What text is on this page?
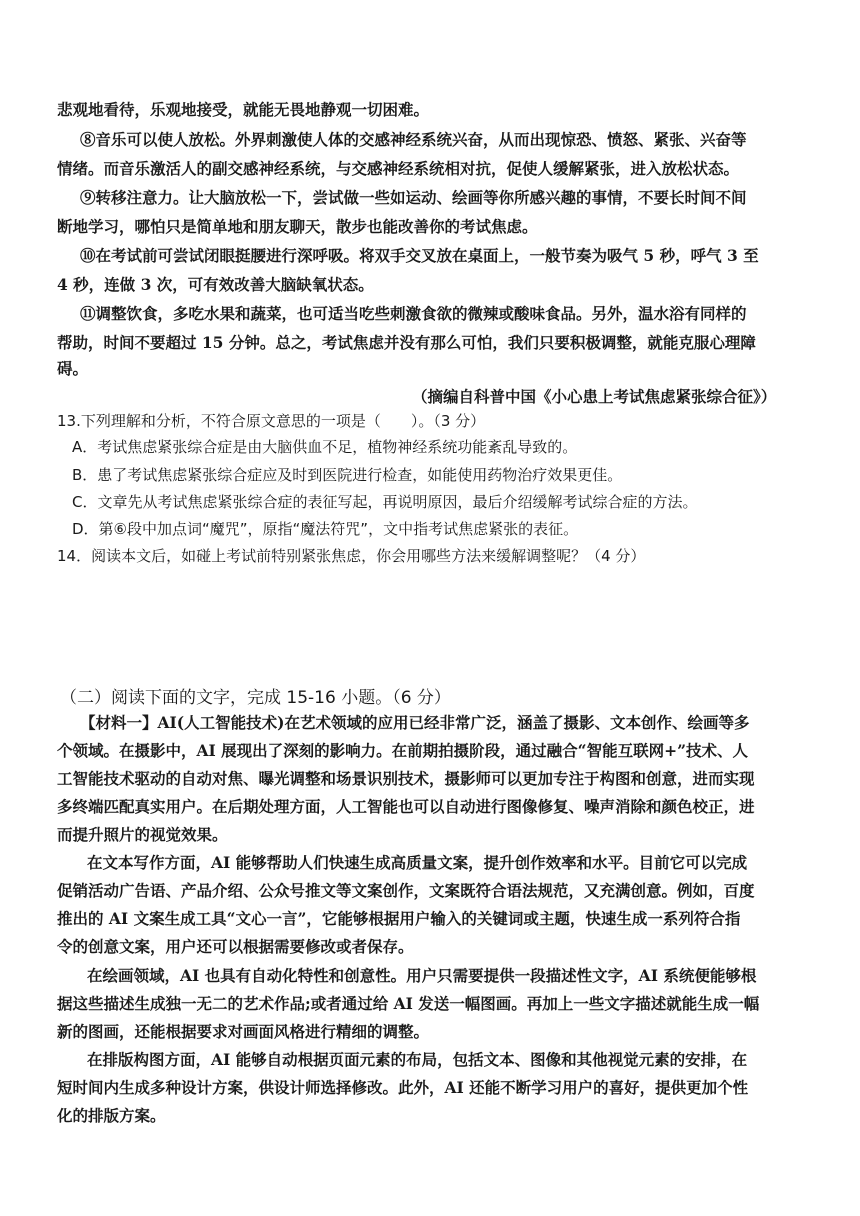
悲观地看待，乐观地接受，就能无畏地静观一切困难。
⑧音乐可以使人放松。外界刺激使人体的交感神经系统兴奋，从而出现惊恐、愤怒、紧张、兴奋等
情绪。而音乐激活人的副交感神经系统，与交感神经系统相对抗，促使人缓解紧张，进入放松状态。
⑨转移注意力。让大脑放松一下，尝试做一些如运动、绘画等你所感兴趣的事情，不要长时间不间
断地学习，哪怕只是简单地和朋友聊天，散步也能改善你的考试焦虑。
⑩在考试前可尝试闭眼挺腰进行深呼吸。将双手交叉放在桌面上，一般节奏为吸气 5 秒，呼气 3 至
4 秒，连做 3 次，可有效改善大脑缺氧状态。
⑪调整饮食，多吃水果和蔬菜，也可适当吃些刺激食欲的微辣或酸味食品。另外，温水浴有同样的
帮助，时间不要超过 15 分钟。总之，考试焦虑并没有那么可怕，我们只要积极调整，就能克服心理障
碍。
（摘编自科普中国《小心患上考试焦虑紧张综合征》）
13.下列理解和分析，不符合原文意思的一项是（　　）。（3 分）
A．考试焦虑紧张综合症是由大脑供血不足，植物神经系统功能紊乱导致的。
B．患了考试焦虑紧张综合症应及时到医院进行检查，如能使用药物治疗效果更佳。
C．文章先从考试焦虑紧张综合症的表征写起，再说明原因，最后介绍缓解考试综合症的方法。
D．第⑥段中加点词“魔咒”，原指“魔法符咒”，文中指考试焦虑紧张的表征。
14．阅读本文后，如碰上考试前特别紧张焦虑，你会用哪些方法来缓解调整呢？（4 分）
（二）阅读下面的文字，完成 15-16 小题。（6 分）
【材料一】AI(人工智能技术)在艺术领域的应用已经非常广泛，涵盖了摄影、文本创作、绘画等多
个领域。在摄影中，AI 展现出了深刻的影响力。在前期拍摄阶段，通过融合“智能互联网+”技术、人
工智能技术驱动的自动对焦、曝光调整和场景识别技术，摄影师可以更加专注于构图和创意，进而实现
多终端匹配真实用户。在后期处理方面，人工智能也可以自动进行图像修复、噪声消除和颜色校正，进
而提升照片的视觉效果。
在文本写作方面，AI 能够帮助人们快速生成高质量文案，提升创作效率和水平。目前它可以完成
促销活动广告语、产品介绍、公众号推文等文案创作，文案既符合语法规范，又充满创意。例如，百度
推出的 AI 文案生成工具“文心一言”，它能够根据用户输入的关键词或主题，快速生成一系列符合指
令的创意文案，用户还可以根据需要修改或者保存。
在绘画领域，AI 也具有自动化特性和创意性。用户只需要提供一段描述性文字，AI 系统便能够根
据这些描述生成独一无二的艺术作品;或者通过给 AI 发送一幅图画。再加上一些文字描述就能生成一幅
新的图画，还能根据要求对画面风格进行精细的调整。
在排版构图方面，AI 能够自动根据页面元素的布局，包括文本、图像和其他视觉元素的安排，在
短时间内生成多种设计方案，供设计师选择修改。此外，AI 还能不断学习用户的喜好，提供更加个性
化的排版方案。
